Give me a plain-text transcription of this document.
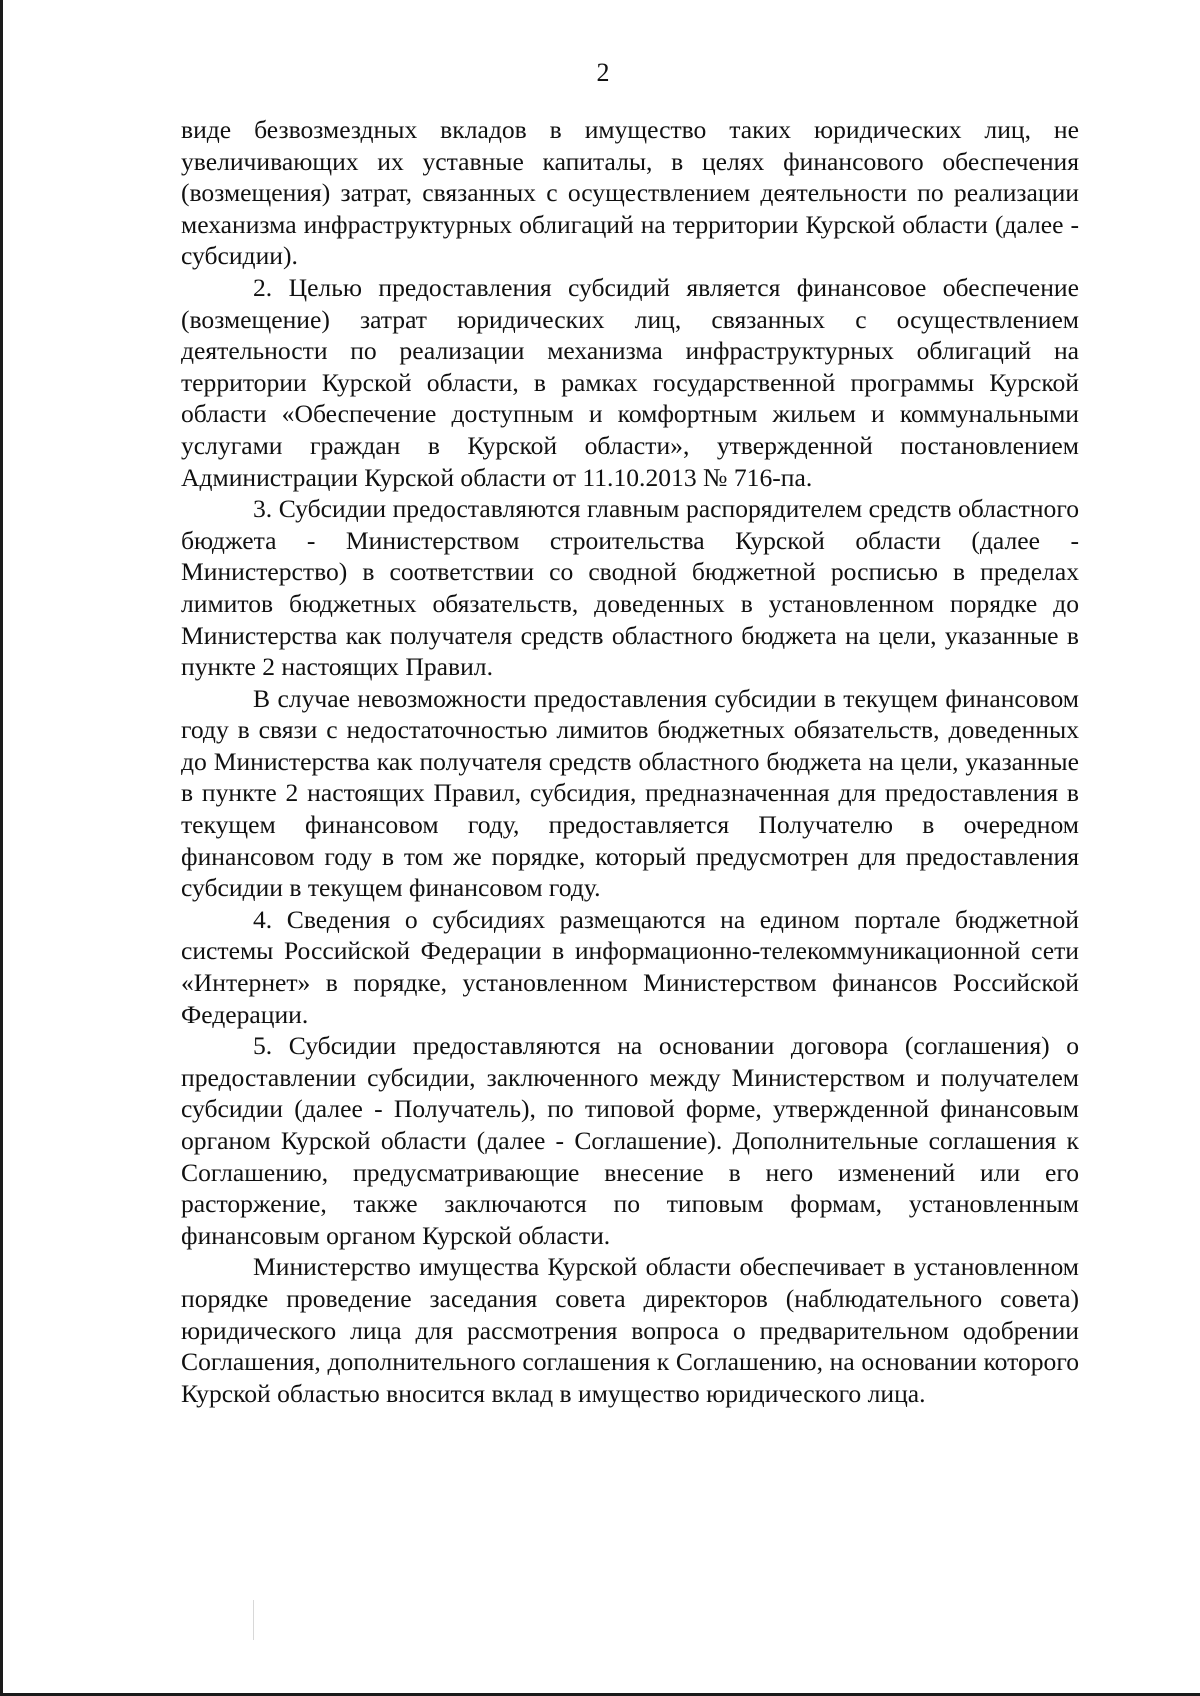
2

виде безвозмездных вкладов в имущество таких юридических лиц, не увеличивающих их уставные капиталы, в целях финансового обеспечения (возмещения) затрат, связанных с осуществлением деятельности по реализации механизма инфраструктурных облигаций на территории Курской области (далее - субсидии).

2. Целью предоставления субсидий является финансовое обеспечение (возмещение) затрат юридических лиц, связанных с осуществлением деятельности по реализации механизма инфраструктурных облигаций на территории Курской области, в рамках государственной программы Курской области «Обеспечение доступным и комфортным жильем и коммунальными услугами граждан в Курской области», утвержденной постановлением Администрации Курской области от 11.10.2013 № 716-па.

3. Субсидии предоставляются главным распорядителем средств областного бюджета - Министерством строительства Курской области (далее - Министерство) в соответствии со сводной бюджетной росписью в пределах лимитов бюджетных обязательств, доведенных в установленном порядке до Министерства как получателя средств областного бюджета на цели, указанные в пункте 2 настоящих Правил.

В случае невозможности предоставления субсидии в текущем финансовом году в связи с недостаточностью лимитов бюджетных обязательств, доведенных до Министерства как получателя средств областного бюджета на цели, указанные в пункте 2 настоящих Правил, субсидия, предназначенная для предоставления в текущем финансовом году, предоставляется Получателю в очередном финансовом году в том же порядке, который предусмотрен для предоставления субсидии в текущем финансовом году.

4. Сведения о субсидиях размещаются на едином портале бюджетной системы Российской Федерации в информационно-телекоммуникационной сети «Интернет» в порядке, установленном Министерством финансов Российской Федерации.

5. Субсидии предоставляются на основании договора (соглашения) о предоставлении субсидии, заключенного между Министерством и получателем субсидии (далее - Получатель), по типовой форме, утвержденной финансовым органом Курской области (далее - Соглашение). Дополнительные соглашения к Соглашению, предусматривающие внесение в него изменений или его расторжение, также заключаются по типовым формам, установленным финансовым органом Курской области.

Министерство имущества Курской области обеспечивает в установленном порядке проведение заседания совета директоров (наблюдательного совета) юридического лица для рассмотрения вопроса о предварительном одобрении Соглашения, дополнительного соглашения к Соглашению, на основании которого Курской областью вносится вклад в имущество юридического лица.
